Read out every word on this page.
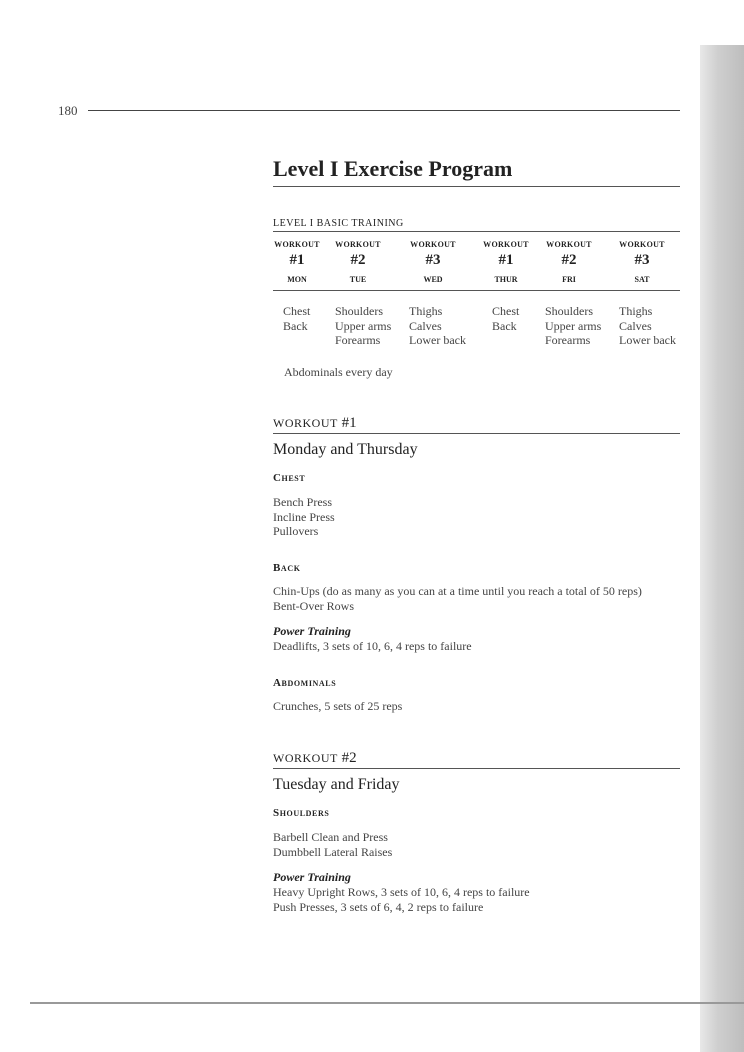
180
Level I Exercise Program
LEVEL I BASIC TRAINING
WORKOUT
#1
MON
WORKOUT
#2
TUE
WORKOUT
#3
WED
WORKOUT
#1
THUR
WORKOUT
#2
FRI
WORKOUT
#3
SAT
Chest
Back
Shoulders
Upper arms
Forearms
Thighs
Calves
Lower back
Chest
Back
Shoulders
Upper arms
Forearms
Thighs
Calves
Lower back
Abdominals every day
WORKOUT #1
Monday and Thursday
Chest
Bench Press
Incline Press
Pullovers
Back
Chin-Ups (do as many as you can at a time until you reach a total of 50 reps)
Bent-Over Rows
Power Training
Deadlifts, 3 sets of 10, 6, 4 reps to failure
Abdominals
Crunches, 5 sets of 25 reps
WORKOUT #2
Tuesday and Friday
Shoulders
Barbell Clean and Press
Dumbbell Lateral Raises
Power Training
Heavy Upright Rows, 3 sets of 10, 6, 4 reps to failure
Push Presses, 3 sets of 6, 4, 2 reps to failure
